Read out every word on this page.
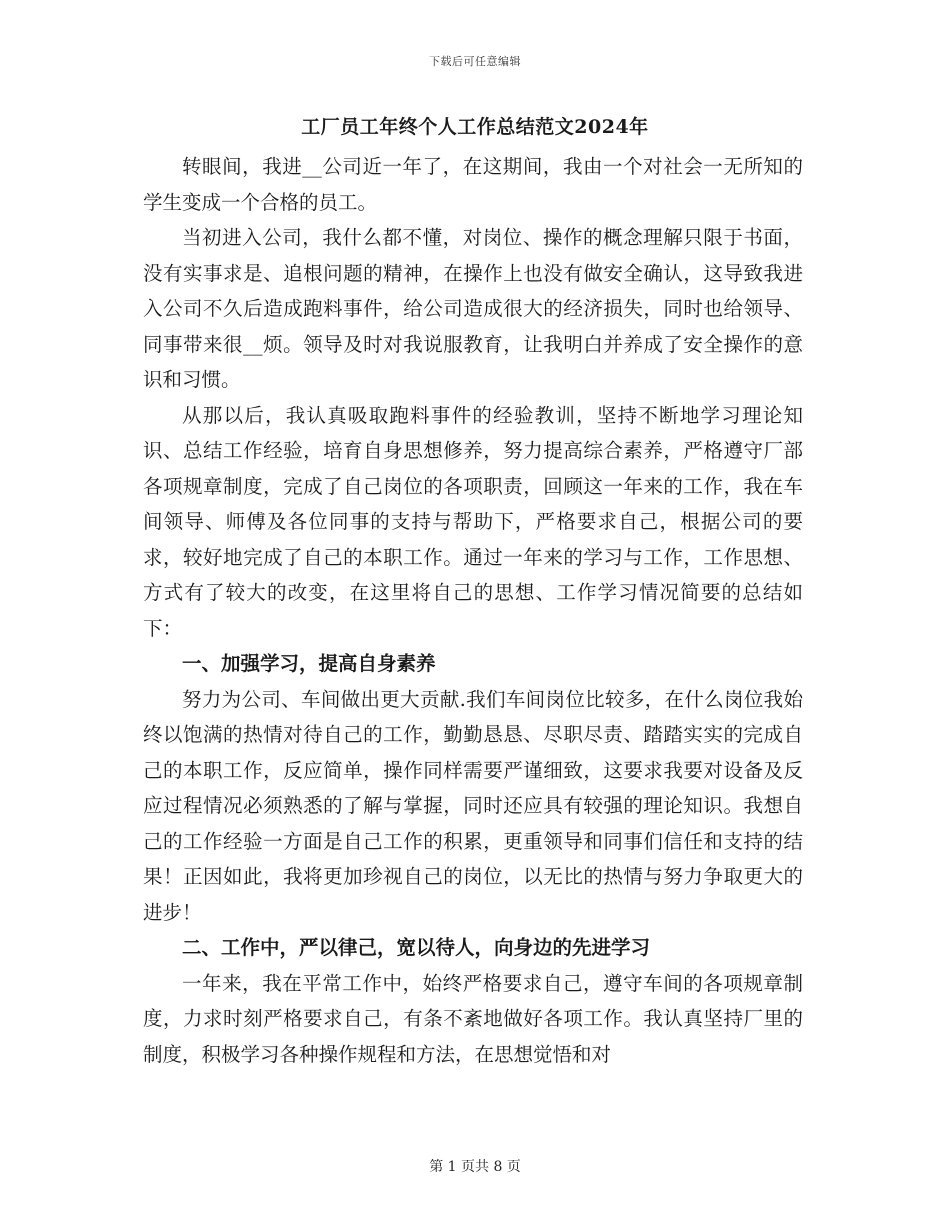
下载后可任意编辑
工厂员工年终个人工作总结范文2024年

转眼间，我进__公司近一年了，在这期间，我由一个对社会一无所知的学生变成一个合格的员工。

当初进入公司，我什么都不懂，对岗位、操作的概念理解只限于书面，没有实事求是、追根问题的精神，在操作上也没有做安全确认，这导致我进入公司不久后造成跑料事件，给公司造成很大的经济损失，同时也给领导、同事带来很__烦。领导及时对我说服教育，让我明白并养成了安全操作的意识和习惯。

从那以后，我认真吸取跑料事件的经验教训，坚持不断地学习理论知识、总结工作经验，培育自身思想修养，努力提高综合素养，严格遵守厂部各项规章制度，完成了自己岗位的各项职责，回顾这一年来的工作，我在车间领导、师傅及各位同事的支持与帮助下，严格要求自己，根据公司的要求，较好地完成了自己的本职工作。通过一年来的学习与工作，工作思想、方式有了较大的改变，在这里将自己的思想、工作学习情况简要的总结如下：

一、加强学习，提高自身素养

努力为公司、车间做出更大贡献.我们车间岗位比较多，在什么岗位我始终以饱满的热情对待自己的工作，勤勤恳恳、尽职尽责、踏踏实实的完成自己的本职工作，反应简单，操作同样需要严谨细致，这要求我要对设备及反应过程情况必须熟悉的了解与掌握，同时还应具有较强的理论知识。我想自己的工作经验一方面是自己工作的积累，更重领导和同事们信任和支持的结果！正因如此，我将更加珍视自己的岗位，以无比的热情与努力争取更大的进步！

二、工作中，严以律己，宽以待人，向身边的先进学习

一年来，我在平常工作中，始终严格要求自己，遵守车间的各项规章制度，力求时刻严格要求自己，有条不紊地做好各项工作。我认真坚持厂里的制度，积极学习各种操作规程和方法，在思想觉悟和对

第 1 页共 8 页
